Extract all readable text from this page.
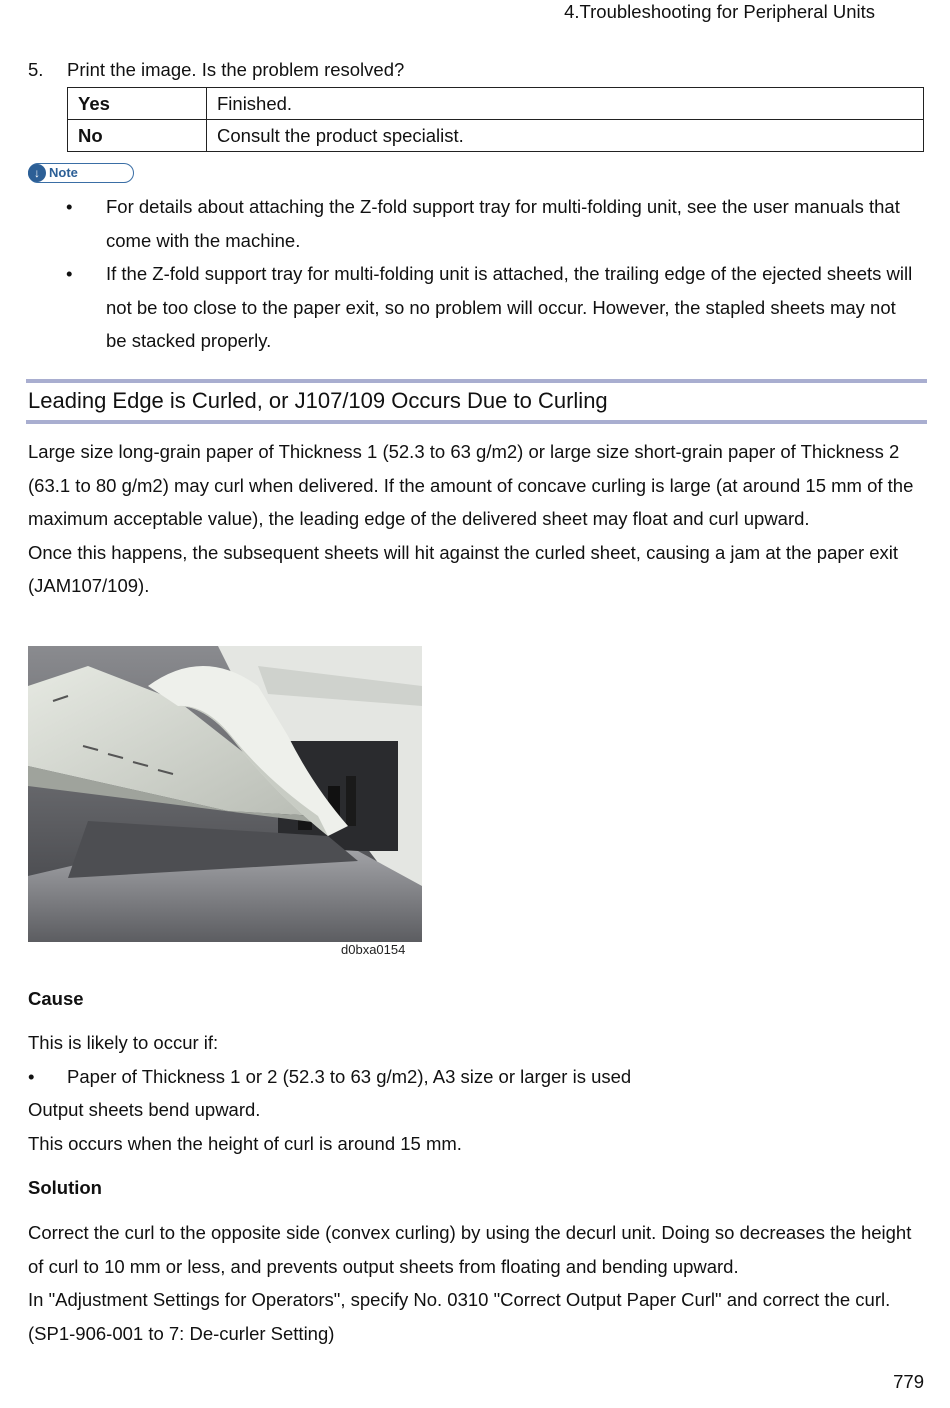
4.Troubleshooting for Peripheral Units
5. Print the image. Is the problem resolved?
Yes	Finished.
No	Consult the product specialist.
↓ Note
• For details about attaching the Z-fold support tray for multi-folding unit, see the user manuals that come with the machine.
• If the Z-fold support tray for multi-folding unit is attached, the trailing edge of the ejected sheets will not be too close to the paper exit, so no problem will occur. However, the stapled sheets may not be stacked properly.
Leading Edge is Curled, or J107/109 Occurs Due to Curling
Large size long-grain paper of Thickness 1 (52.3 to 63 g/m2) or large size short-grain paper of Thickness 2 (63.1 to 80 g/m2) may curl when delivered. If the amount of concave curling is large (at around 15 mm of the maximum acceptable value), the leading edge of the delivered sheet may float and curl upward.
Once this happens, the subsequent sheets will hit against the curled sheet, causing a jam at the paper exit (JAM107/109).
d0bxa0154
Cause
This is likely to occur if:
• Paper of Thickness 1 or 2 (52.3 to 63 g/m2), A3 size or larger is used
Output sheets bend upward.
This occurs when the height of curl is around 15 mm.
Solution
Correct the curl to the opposite side (convex curling) by using the decurl unit. Doing so decreases the height of curl to 10 mm or less, and prevents output sheets from floating and bending upward.
In "Adjustment Settings for Operators", specify No. 0310 "Correct Output Paper Curl" and correct the curl. (SP1-906-001 to 7: De-curler Setting)
779
